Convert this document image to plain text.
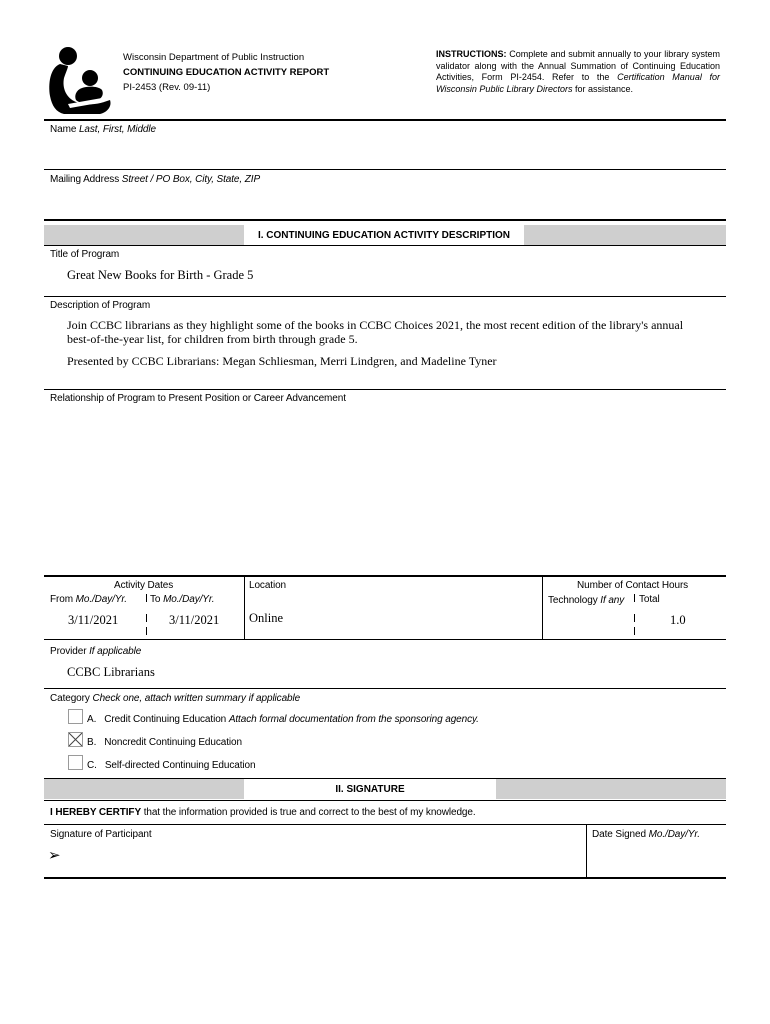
Wisconsin Department of Public Instruction
CONTINUING EDUCATION ACTIVITY REPORT
PI-2453 (Rev. 09-11)
INSTRUCTIONS: Complete and submit annually to your library system validator along with the Annual Summation of Continuing Education Activities, Form PI-2454. Refer to the Certification Manual for Wisconsin Public Library Directors for assistance.
Name Last, First, Middle
Mailing Address Street / PO Box, City, State, ZIP
I. CONTINUING EDUCATION ACTIVITY DESCRIPTION
Title of Program
Great New Books for Birth - Grade 5
Description of Program
Join CCBC librarians as they highlight some of the books in CCBC Choices 2021, the most recent edition of the library's annual best-of-the-year list, for children from birth through grade 5.
Presented by CCBC Librarians: Megan Schliesman, Merri Lindgren, and Madeline Tyner
Relationship of Program to Present Position or Career Advancement
Activity Dates
From Mo./Day/Yr. To Mo./Day/Yr.
3/11/2021	3/11/2021
Location
Online
Number of Contact Hours
Technology If any Total
1.0
Provider If applicable
CCBC Librarians
Category Check one, attach written summary if applicable
A. Credit Continuing Education Attach formal documentation from the sponsoring agency.
B. Noncredit Continuing Education
C. Self-directed Continuing Education
II. SIGNATURE
I HEREBY CERTIFY that the information provided is true and correct to the best of my knowledge.
Signature of Participant
➢
Date Signed Mo./Day/Yr.
